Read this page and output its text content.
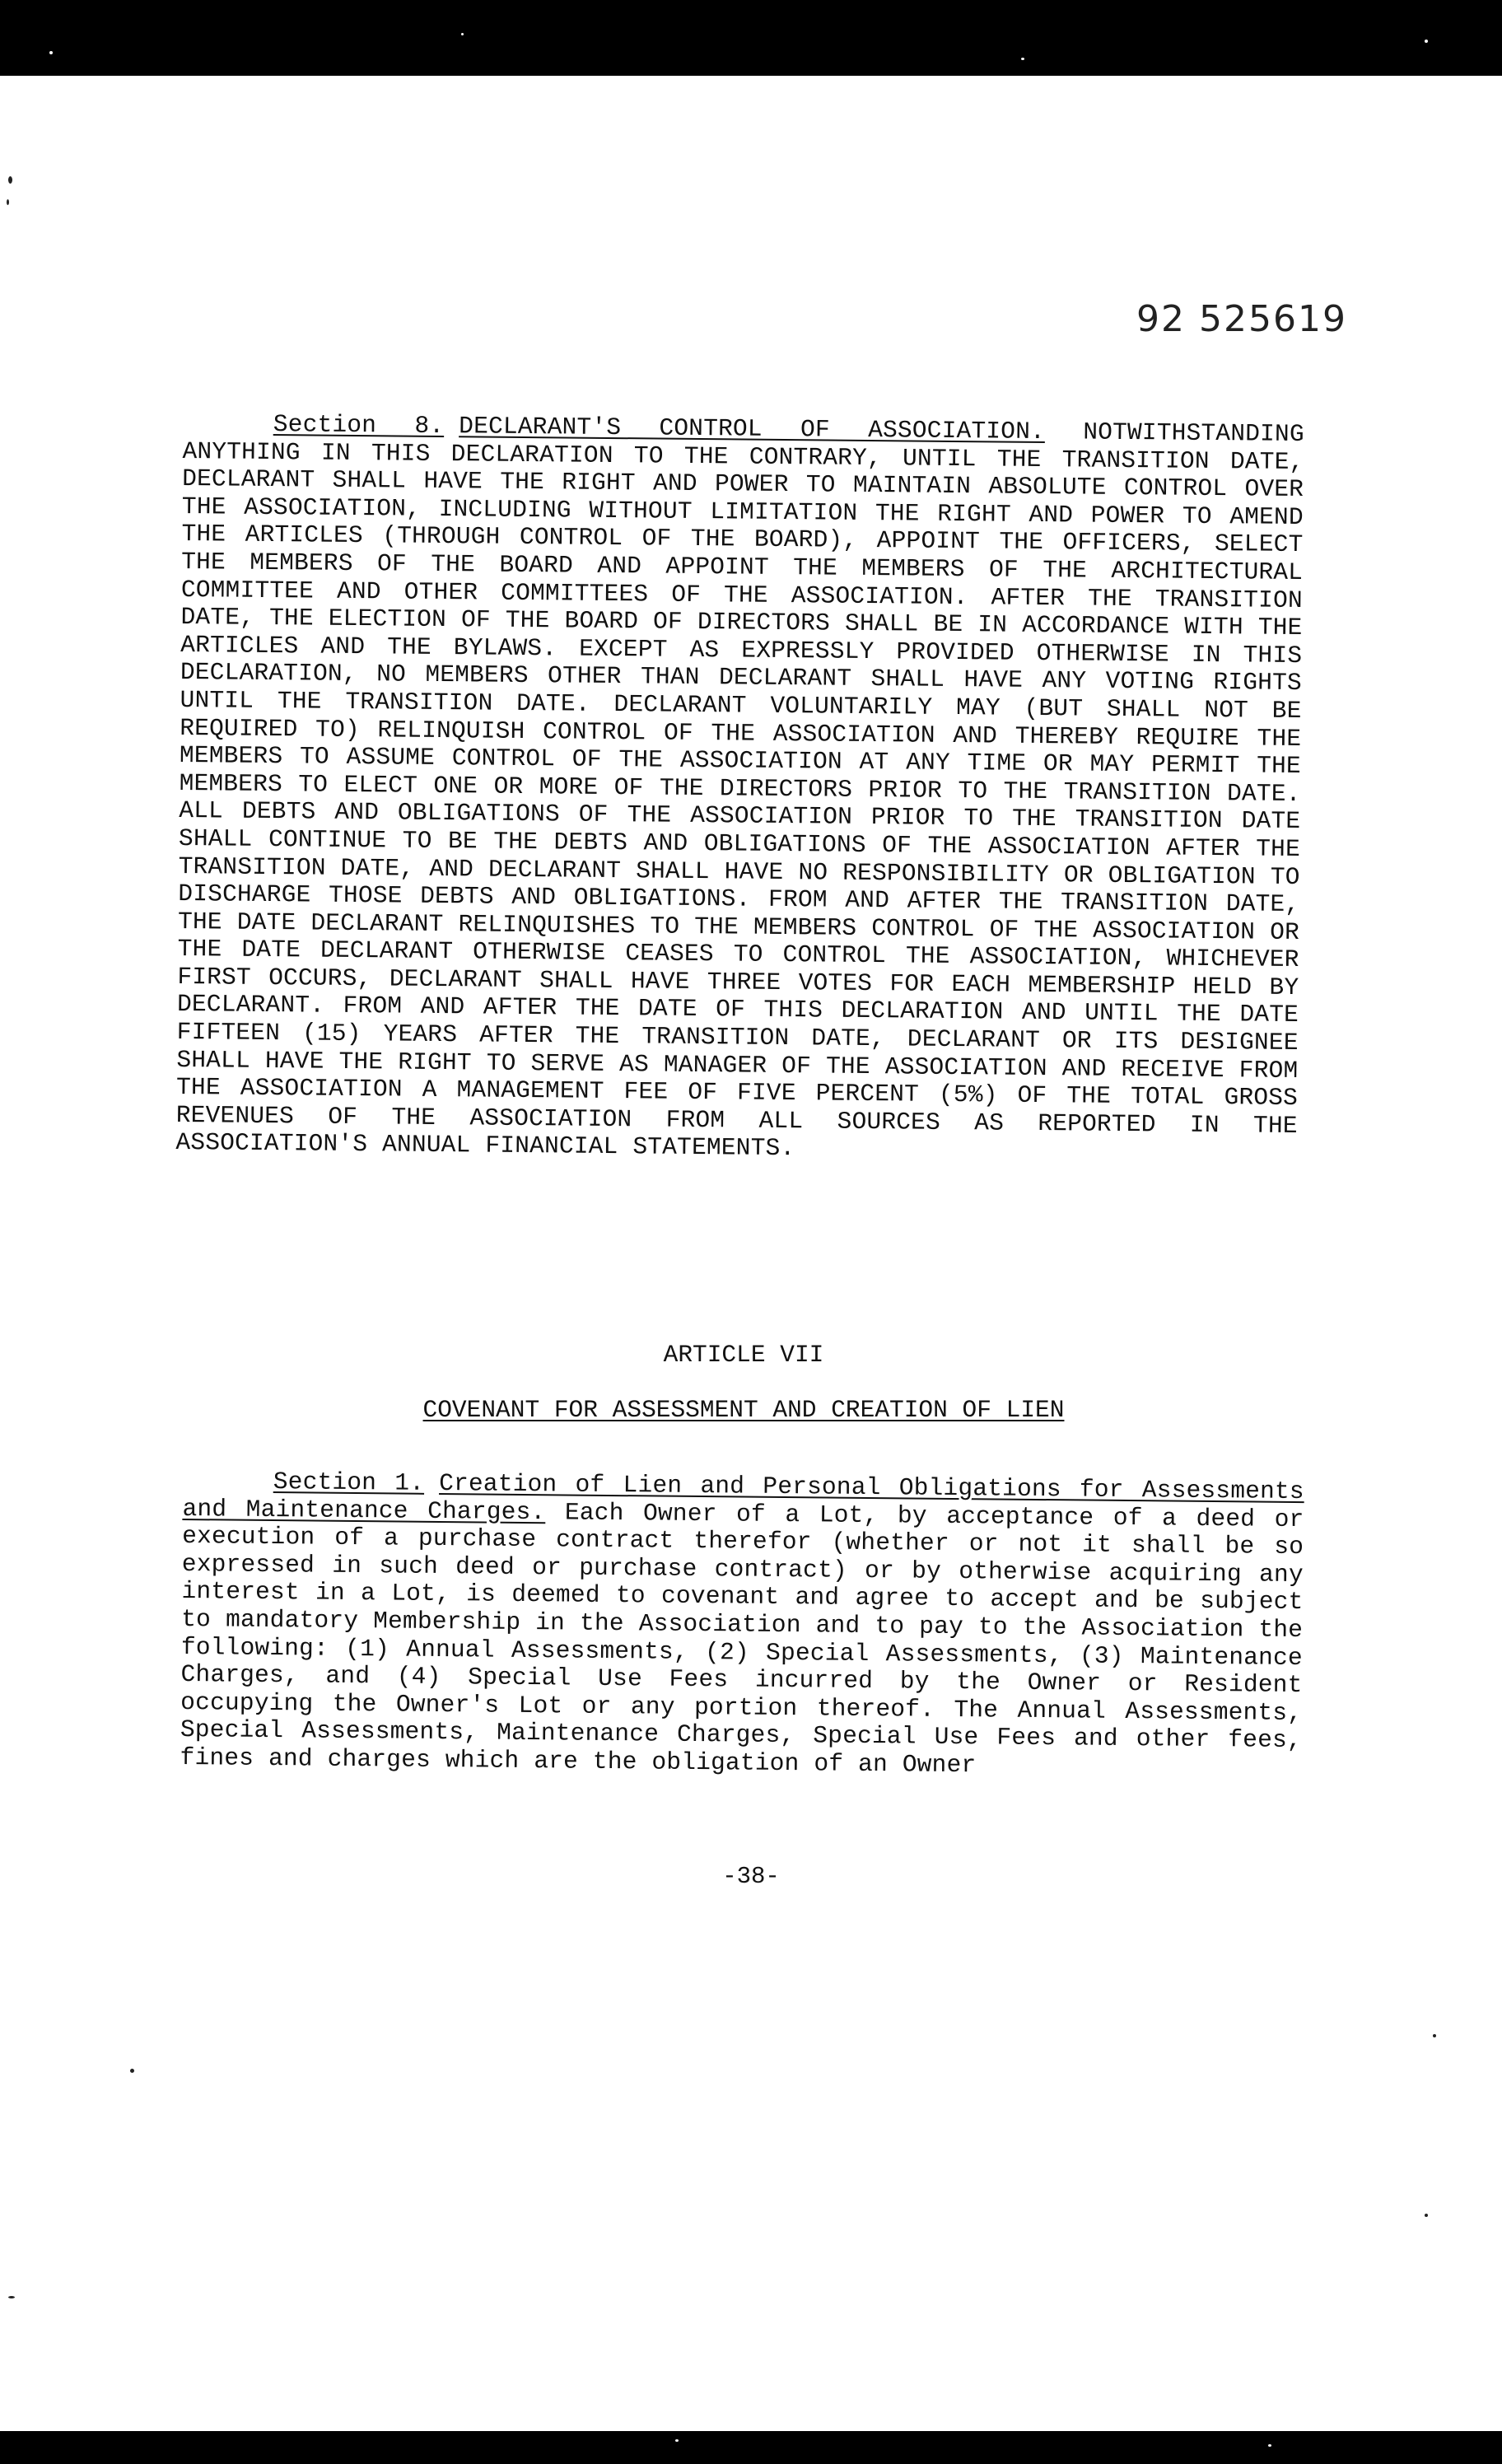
92 525619
Section 8. DECLARANT'S CONTROL OF ASSOCIATION. NOTWITHSTANDING ANYTHING IN THIS DECLARATION TO THE CONTRARY, UNTIL THE TRANSITION DATE, DECLARANT SHALL HAVE THE RIGHT AND POWER TO MAINTAIN ABSOLUTE CONTROL OVER THE ASSOCIATION, INCLUDING WITHOUT LIMITATION THE RIGHT AND POWER TO AMEND THE ARTICLES (THROUGH CONTROL OF THE BOARD), APPOINT THE OFFICERS, SELECT THE MEMBERS OF THE BOARD AND APPOINT THE MEMBERS OF THE ARCHITECTURAL COMMITTEE AND OTHER COMMITTEES OF THE ASSOCIATION. AFTER THE TRANSITION DATE, THE ELECTION OF THE BOARD OF DIRECTORS SHALL BE IN ACCORDANCE WITH THE ARTICLES AND THE BYLAWS. EXCEPT AS EXPRESSLY PROVIDED OTHERWISE IN THIS DECLARATION, NO MEMBERS OTHER THAN DECLARANT SHALL HAVE ANY VOTING RIGHTS UNTIL THE TRANSITION DATE. DECLARANT VOLUNTARILY MAY (BUT SHALL NOT BE REQUIRED TO) RELINQUISH CONTROL OF THE ASSOCIATION AND THEREBY REQUIRE THE MEMBERS TO ASSUME CONTROL OF THE ASSOCIATION AT ANY TIME OR MAY PERMIT THE MEMBERS TO ELECT ONE OR MORE OF THE DIRECTORS PRIOR TO THE TRANSITION DATE. ALL DEBTS AND OBLIGATIONS OF THE ASSOCIATION PRIOR TO THE TRANSITION DATE SHALL CONTINUE TO BE THE DEBTS AND OBLIGATIONS OF THE ASSOCIATION AFTER THE TRANSITION DATE, AND DECLARANT SHALL HAVE NO RESPONSIBILITY OR OBLIGATION TO DISCHARGE THOSE DEBTS AND OBLIGATIONS. FROM AND AFTER THE TRANSITION DATE, THE DATE DECLARANT RELINQUISHES TO THE MEMBERS CONTROL OF THE ASSOCIATION OR THE DATE DECLARANT OTHERWISE CEASES TO CONTROL THE ASSOCIATION, WHICHEVER FIRST OCCURS, DECLARANT SHALL HAVE THREE VOTES FOR EACH MEMBERSHIP HELD BY DECLARANT. FROM AND AFTER THE DATE OF THIS DECLARATION AND UNTIL THE DATE FIFTEEN (15) YEARS AFTER THE TRANSITION DATE, DECLARANT OR ITS DESIGNEE SHALL HAVE THE RIGHT TO SERVE AS MANAGER OF THE ASSOCIATION AND RECEIVE FROM THE ASSOCIATION A MANAGEMENT FEE OF FIVE PERCENT (5%) OF THE TOTAL GROSS REVENUES OF THE ASSOCIATION FROM ALL SOURCES AS REPORTED IN THE ASSOCIATION'S ANNUAL FINANCIAL STATEMENTS.
ARTICLE VII
COVENANT FOR ASSESSMENT AND CREATION OF LIEN
Section 1. Creation of Lien and Personal Obligations for Assessments and Maintenance Charges. Each Owner of a Lot, by acceptance of a deed or execution of a purchase contract therefor (whether or not it shall be so expressed in such deed or purchase contract) or by otherwise acquiring any interest in a Lot, is deemed to covenant and agree to accept and be subject to mandatory Membership in the Association and to pay to the Association the following: (1) Annual Assessments, (2) Special Assessments, (3) Maintenance Charges, and (4) Special Use Fees incurred by the Owner or Resident occupying the Owner's Lot or any portion thereof. The Annual Assessments, Special Assessments, Maintenance Charges, Special Use Fees and other fees, fines and charges which are the obligation of an Owner
-38-
